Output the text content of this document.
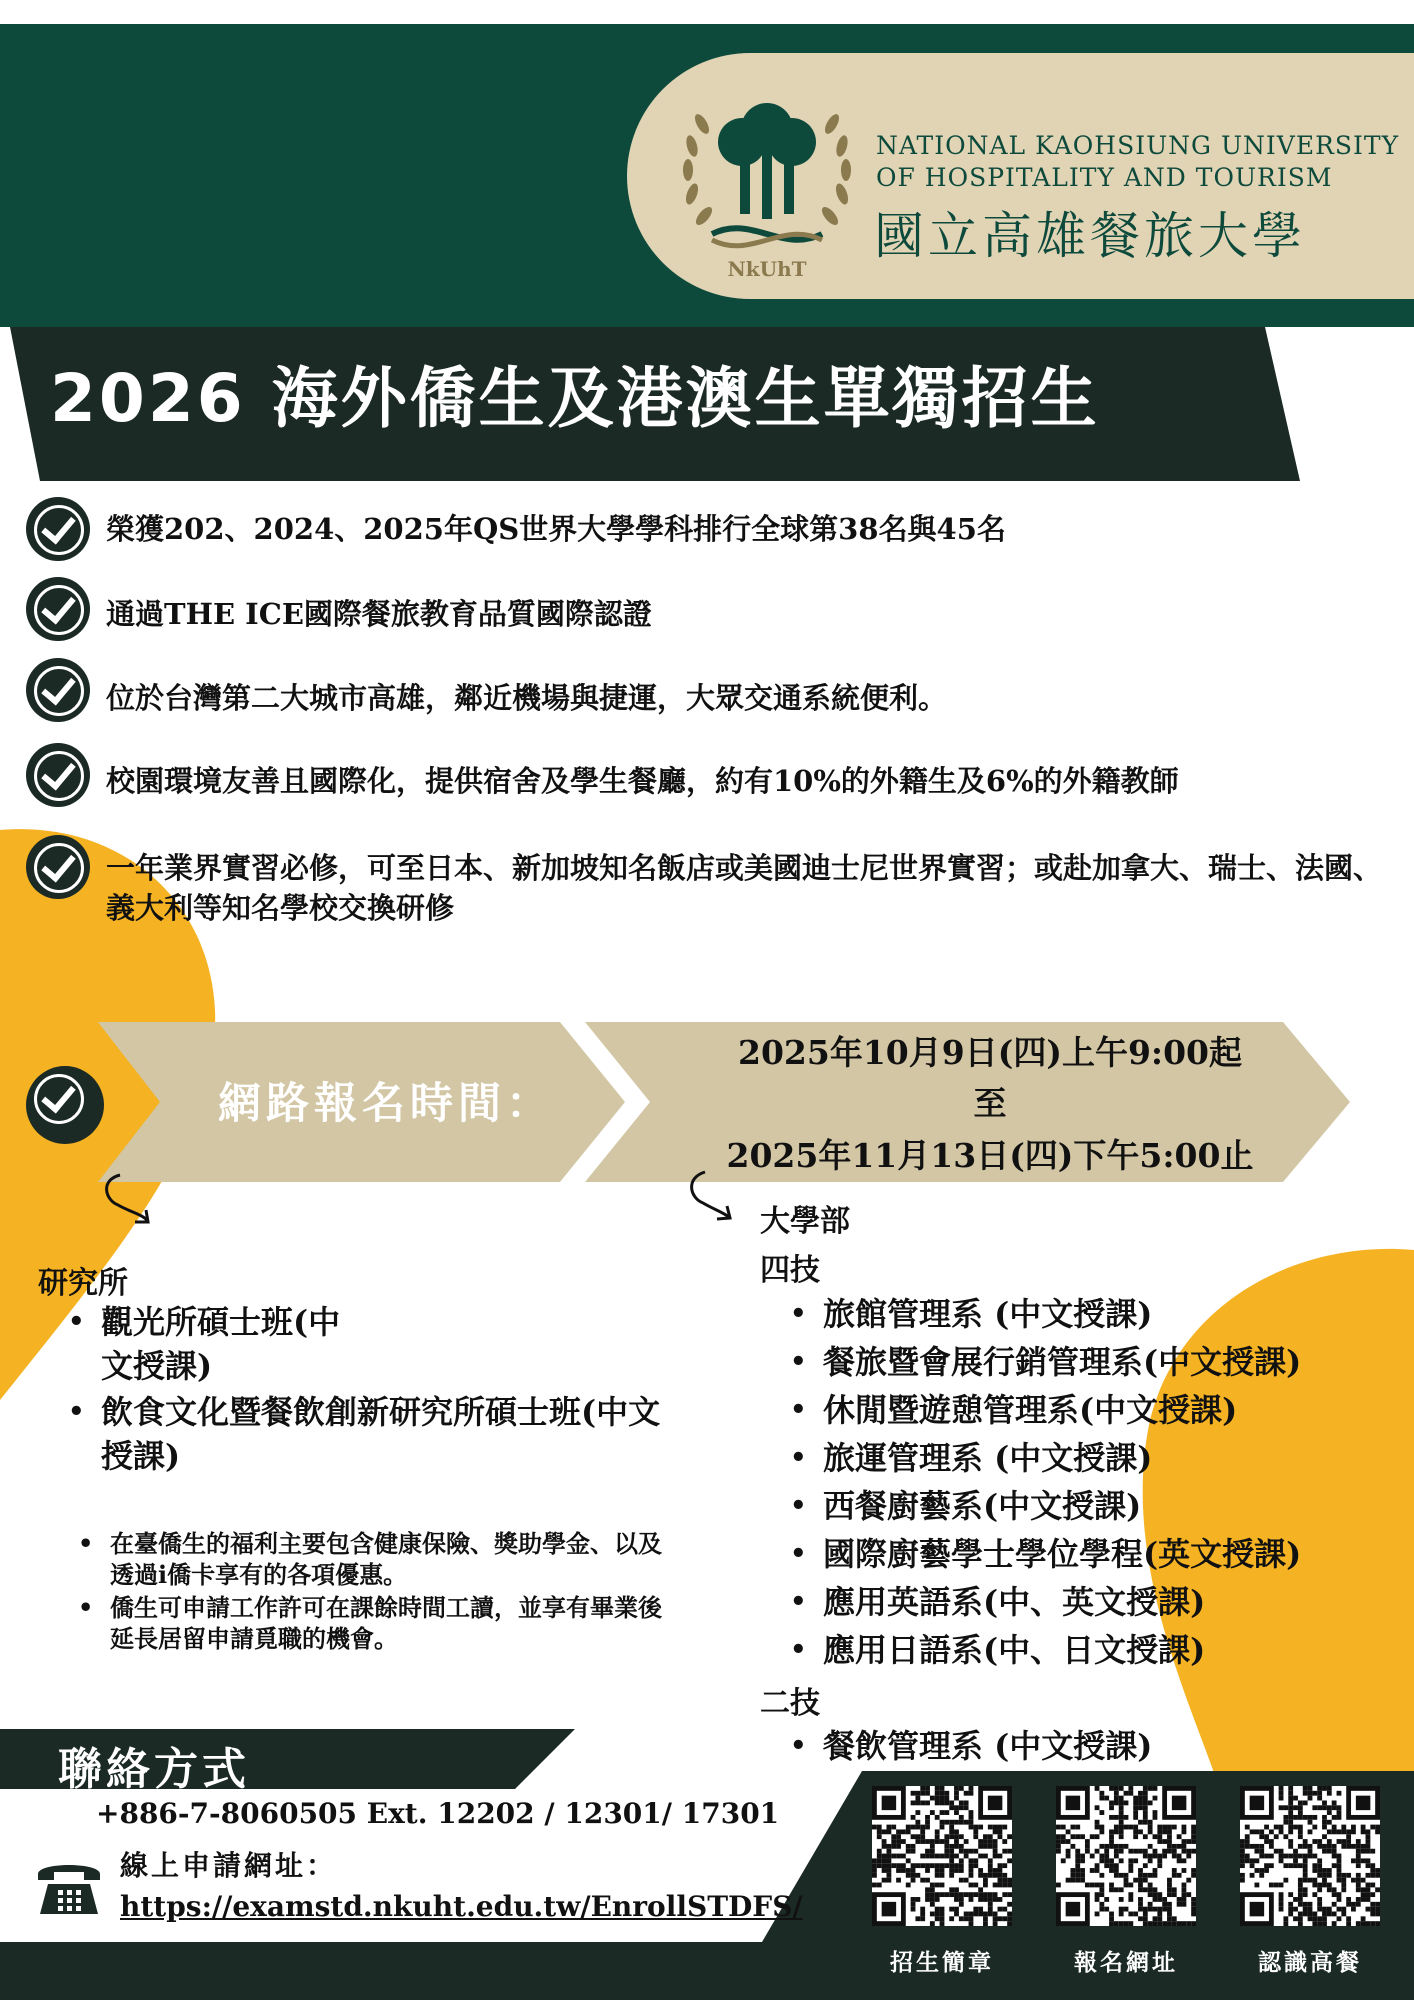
NkUhT
NATIONAL KAOHSIUNG UNIVERSITY
OF HOSPITALITY AND TOURISM
國立高雄餐旅大學
2026 海外僑生及港澳生單獨招生
榮獲202、2024、2025年QS世界大學學科排行全球第38名與45名
通過THE ICE國際餐旅教育品質國際認證
位於台灣第二大城市高雄，鄰近機場與捷運，大眾交通系統便利。
校園環境友善且國際化，提供宿舍及學生餐廳，約有10%的外籍生及6%的外籍教師
一年業界實習必修，可至日本、新加坡知名飯店或美國迪士尼世界實習；或赴加拿大、瑞士、法國、義大利等知名學校交換研修
網路報名時間：
2025年10月9日(四)上午9:00起
至
2025年11月13日(四)下午5:00止
研究所
• 觀光所碩士班(中文授課)
• 飲食文化暨餐飲創新研究所碩士班(中文授課)
• 在臺僑生的福利主要包含健康保險、獎助學金、以及透過i僑卡享有的各項優惠。
• 僑生可申請工作許可在課餘時間工讀，並享有畢業後延長居留申請覓職的機會。
大學部
四技
• 旅館管理系 (中文授課)
• 餐旅暨會展行銷管理系(中文授課)
• 休閒暨遊憩管理系(中文授課)
• 旅運管理系 (中文授課)
• 西餐廚藝系(中文授課)
• 國際廚藝學士學位學程(英文授課)
• 應用英語系(中、英文授課)
• 應用日語系(中、日文授課)
二技
• 餐飲管理系 (中文授課)
聯絡方式
+886-7-8060505 Ext. 12202 / 12301/ 17301
線上申請網址：
https://examstd.nkuht.edu.tw/EnrollSTDFS/
招生簡章	報名網址	認識高餐
